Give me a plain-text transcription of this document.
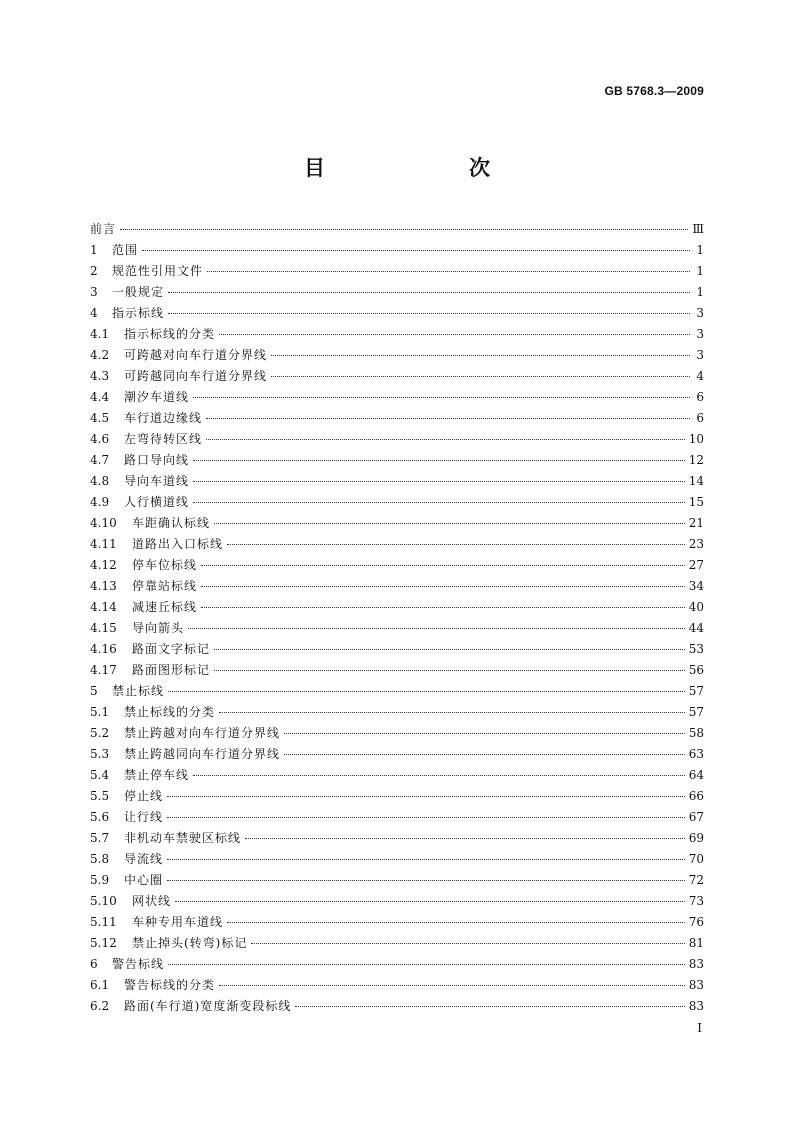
GB 5768.3—2009
目　　次
前言	Ⅲ
1	范围	1
2	规范性引用文件	1
3	一般规定	1
4	指示标线	3
4.1	指示标线的分类	3
4.2	可跨越对向车行道分界线	3
4.3	可跨越同向车行道分界线	4
4.4	潮汐车道线	6
4.5	车行道边缘线	6
4.6	左弯待转区线	10
4.7	路口导向线	12
4.8	导向车道线	14
4.9	人行横道线	15
4.10	车距确认标线	21
4.11	道路出入口标线	23
4.12	停车位标线	27
4.13	停靠站标线	34
4.14	减速丘标线	40
4.15	导向箭头	44
4.16	路面文字标记	53
4.17	路面图形标记	56
5	禁止标线	57
5.1	禁止标线的分类	57
5.2	禁止跨越对向车行道分界线	58
5.3	禁止跨越同向车行道分界线	63
5.4	禁止停车线	64
5.5	停止线	66
5.6	让行线	67
5.7	非机动车禁驶区标线	69
5.8	导流线	70
5.9	中心圈	72
5.10	网状线	73
5.11	车种专用车道线	76
5.12	禁止掉头(转弯)标记	81
6	警告标线	83
6.1	警告标线的分类	83
6.2	路面(车行道)宽度渐变段标线	83
I
